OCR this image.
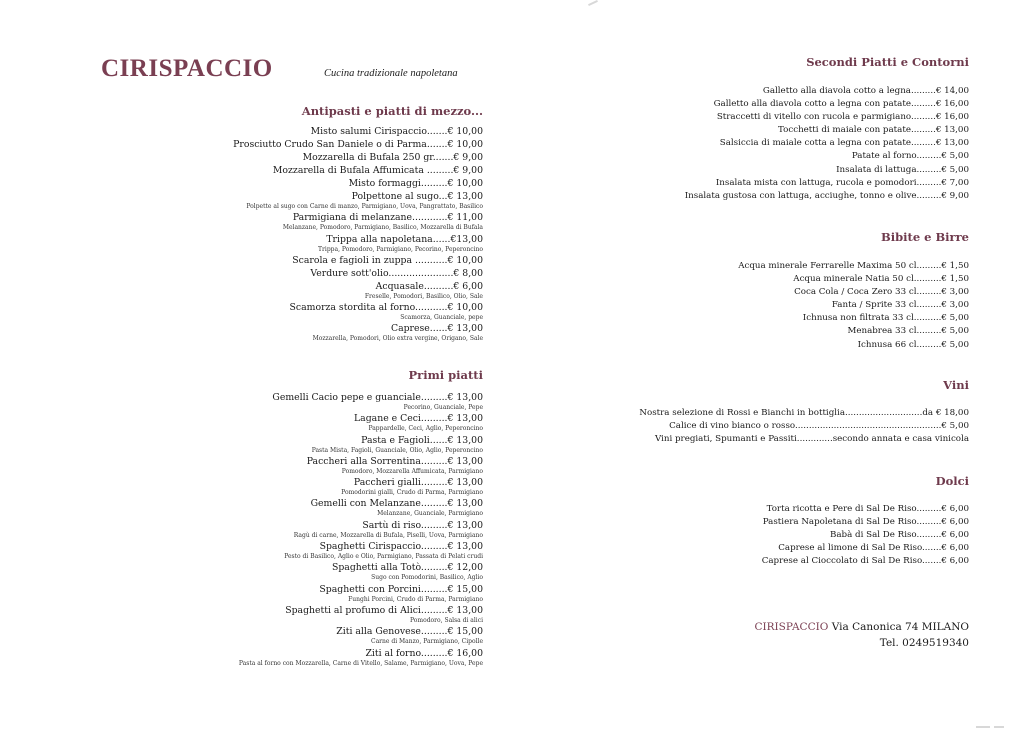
CIRISPACCIO	Cucina tradizionale napoletana
Antipasti e piatti di mezzo...
Misto salumi Cirispaccio.......€ 10,00
Prosciutto Crudo San Daniele o di Parma.......€ 10,00
Mozzarella di Bufala 250 gr.......€ 9,00
Mozzarella di Bufala Affumicata .........€ 9,00
Misto formaggi.........€ 10,00
Polpettone al sugo...€ 13,00
Polpette al sugo con Carne di manzo, Parmigiano, Uova, Pangrattato, Basilico
Parmigiana di melanzane............€ 11,00
Melanzane, Pomodoro, Parmigiano, Basilico, Mozzarella di Bufala
Trippa alla napoletana......€13,00
Trippa, Pomodoro, Parmigiano, Pecorino, Peperoncino
Scarola e fagioli in zuppa ...........€ 10,00
Verdure sott'olio......................€ 8,00
Acquasale..........€ 6,00
Freselle, Pomodori, Basilico, Olio, Sale
Scamorza stordita al forno...........€ 10,00
Scamorza, Guanciale, pepe
Caprese......€ 13,00
Mozzarella, Pomodori, Olio extra vergine, Origano, Sale
Primi piatti
Gemelli Cacio pepe e guanciale.........€ 13,00
Pecorino, Guanciale, Pepe
Lagane e Ceci.........€ 13,00
Pappardelle, Ceci, Aglio, Peperoncino
Pasta e Fagioli......€ 13,00
Pasta Mista, Fagioli, Guanciale, Olio, Aglio, Peperoncino
Paccheri alla Sorrentina.........€ 13,00
Pomodoro, Mozzarella Affumicata, Parmigiano
Paccheri gialli.........€ 13,00
Pomodorini gialli, Crudo di Parma, Parmigiano
Gemelli con Melanzane.........€ 13,00
Melanzane, Guanciale, Parmigiano
Sartù di riso.........€ 13,00
Ragù di carne, Mozzarella di Bufala, Piselli, Uova, Parmigiano
Spaghetti Cirispaccio.........€ 13,00
Pesto di Basilico, Aglio e Olio, Parmigiano, Passata di Pelati crudi
Spaghetti alla Totò.........€ 12,00
Sugo con Pomodorini, Basilico, Aglio
Spaghetti con Porcini.........€ 15,00
Funghi Porcini, Crudo di Parma, Parmigiano
Spaghetti al profumo di Alici.........€ 13,00
Pomodoro, Salsa di alici
Ziti alla Genovese.........€ 15,00
Carne di Manzo, Parmigiano, Cipolle
Ziti al forno.........€ 16,00
Pasta al forno con Mozzarella, Carne di Vitello, Salame, Parmigiano, Uova, Pepe
Secondi Piatti e Contorni
Galletto alla diavola cotto a legna.........€ 14,00
Galletto alla diavola cotto a legna con patate.........€ 16,00
Straccetti di vitello con rucola e parmigiano.........€ 16,00
Tocchetti di maiale con patate.........€ 13,00
Salsiccia di maiale cotta a legna con patate.........€ 13,00
Patate al forno.........€ 5,00
Insalata di lattuga.........€ 5,00
Insalata mista con lattuga, rucola e pomodori.........€ 7,00
Insalata gustosa con lattuga, acciughe, tonno e olive.........€ 9,00
Bibite e Birre
Acqua minerale Ferrarelle Maxima 50 cl.........€ 1,50
Acqua minerale Natia 50 cl..........€ 1,50
Coca Cola / Coca Zero 33 cl.........€ 3,00
Fanta / Sprite 33 cl.........€ 3,00
Ichnusa non filtrata 33 cl..........€ 5,00
Menabrea 33 cl.........€ 5,00
Ichnusa 66 cl.........€ 5,00
Vini
Nostra selezione di Rossi e Bianchi in bottiglia............................da € 18,00
Calice di vino bianco o rosso.....................................................€ 5,00
Vini pregiati, Spumanti e Passiti.............secondo annata e casa vinicola
Dolci
Torta ricotta e Pere di Sal De Riso.........€ 6,00
Pastiera Napoletana di Sal De Riso.........€ 6,00
Babà di Sal De Riso.........€ 6,00
Caprese al limone di Sal De Riso.......€ 6,00
Caprese al Cioccolato di Sal De Riso.......€ 6,00
CIRISPACCIO Via Canonica 74 MILANO
Tel. 0249519340
